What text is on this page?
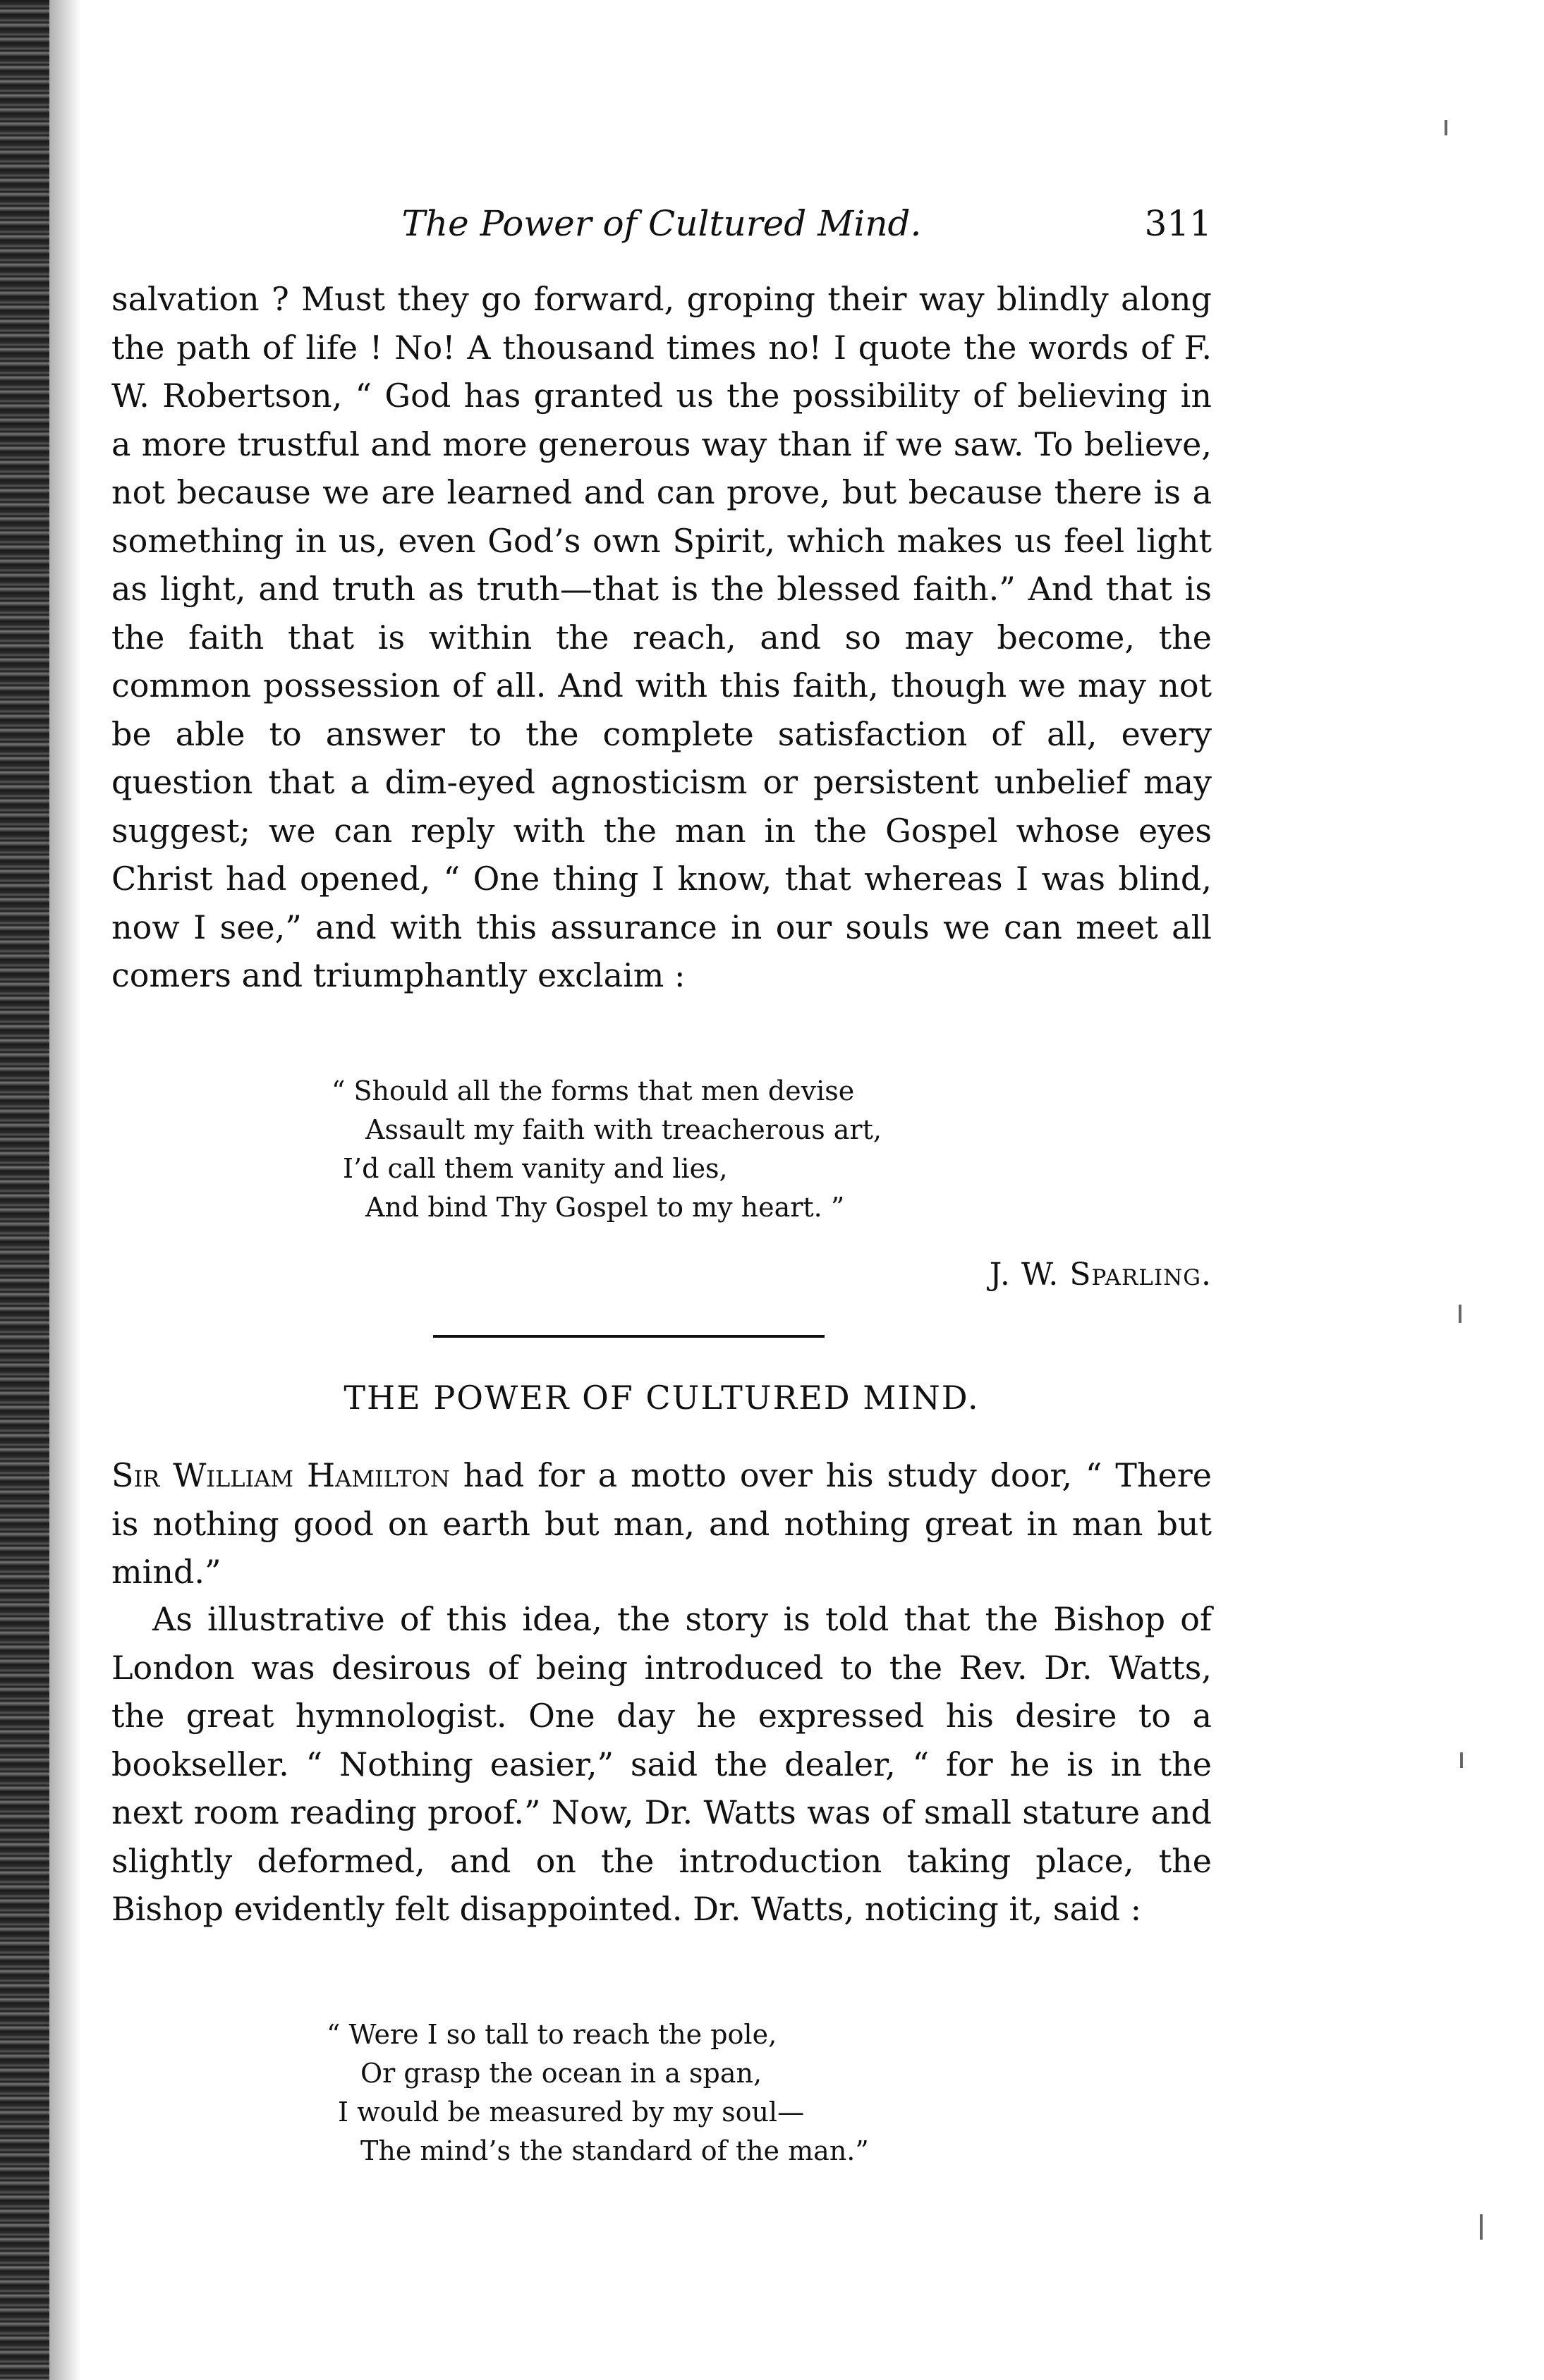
The Power of Cultured Mind.	311

salvation ? Must they go forward, groping their way blindly along the path of life ! No! A thousand times no! I quote the words of F. W. Robertson, “ God has granted us the possibility of believing in a more trustful and more generous way than if we saw. To believe, not because we are learned and can prove, but because there is a something in us, even God’s own Spirit, which makes us feel light as light, and truth as truth—that is the blessed faith.” And that is the faith that is within the reach, and so may become, the common possession of all. And with this faith, though we may not be able to answer to the complete satisfaction of all, every question that a dim-eyed agnosticism or persistent unbelief may suggest; we can reply with the man in the Gospel whose eyes Christ had opened, “ One thing I know, that whereas I was blind, now I see,” and with this assurance in our souls we can meet all comers and triumphantly exclaim :

“ Should all the forms that men devise
Assault my faith with treacherous art,
I’d call them vanity and lies,
And bind Thy Gospel to my heart. ”
J. W. Sparling.
THE POWER OF CULTURED MIND.

Sir William Hamilton had for a motto over his study door, “ There is nothing good on earth but man, and nothing great in man but mind.”

As illustrative of this idea, the story is told that the Bishop of London was desirous of being introduced to the Rev. Dr. Watts, the great hymnologist. One day he expressed his desire to a bookseller. “ Nothing easier,” said the dealer, “ for he is in the next room reading proof.” Now, Dr. Watts was of small stature and slightly deformed, and on the introduction taking place, the Bishop evidently felt disappointed. Dr. Watts, noticing it, said :

“ Were I so tall to reach the pole,
Or grasp the ocean in a span,
I would be measured by my soul—
The mind’s the standard of the man.”
